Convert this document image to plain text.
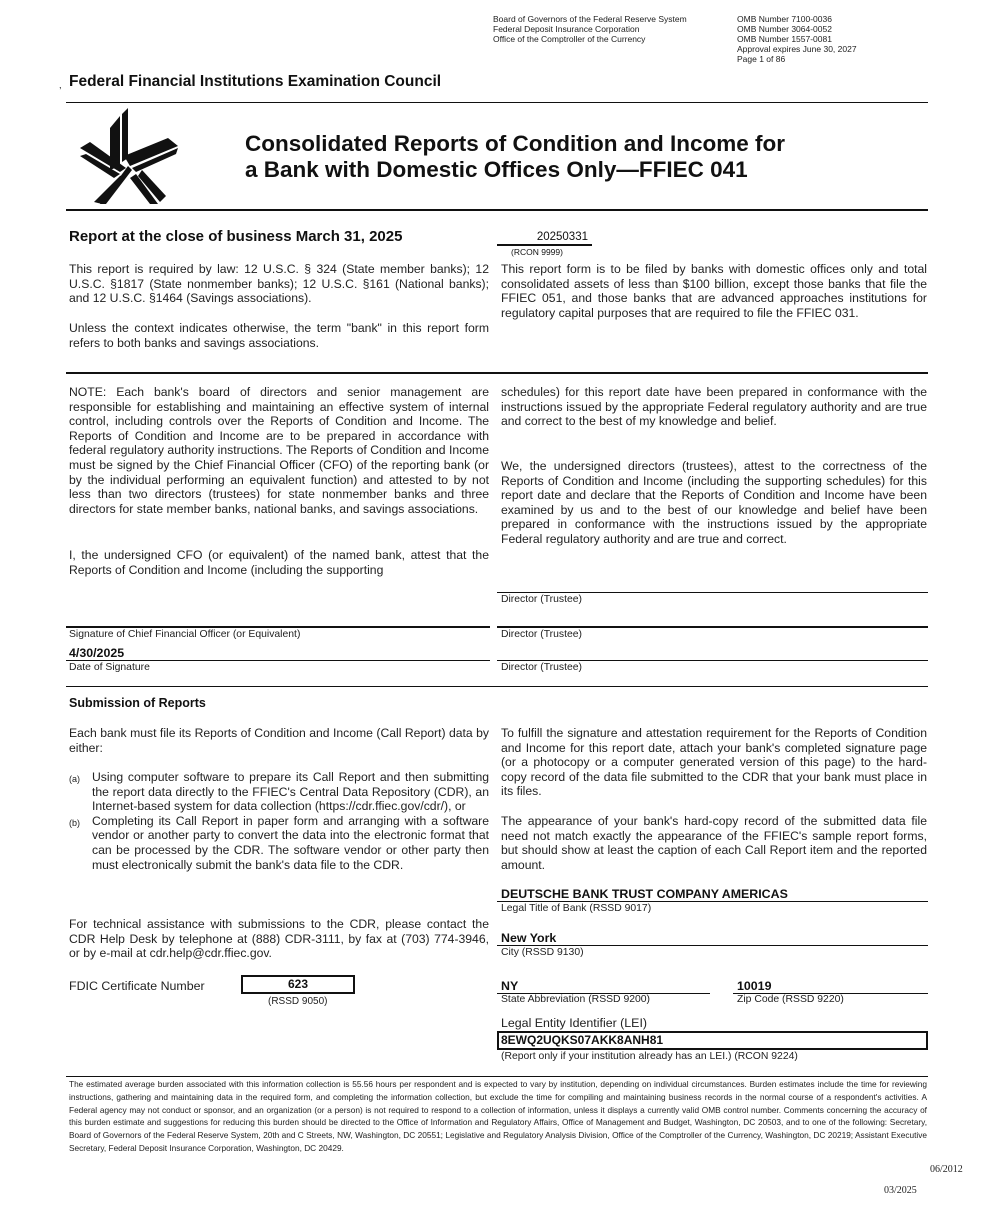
Board of Governors of the Federal Reserve System
Federal Deposit Insurance Corporation
Office of the Comptroller of the Currency
OMB Number 7100-0036
OMB Number 3064-0052
OMB Number 1557-0081
Approval expires June 30, 2027
Page 1 of 86
, Federal Financial Institutions Examination Council
Consolidated Reports of Condition and Income for
a Bank with Domestic Offices Only—FFIEC 041
Report at the close of business March 31, 2025	20250331
(RCON 9999)
This report is required by law: 12 U.S.C. § 324 (State member banks); 12 U.S.C. §1817 (State nonmember banks); 12 U.S.C. §161 (National banks); and 12 U.S.C. §1464 (Savings associations).
Unless the context indicates otherwise, the term "bank" in this report form refers to both banks and savings associations.
This report form is to be filed by banks with domestic offices only and total consolidated assets of less than $100 billion, except those banks that file the FFIEC 051, and those banks that are advanced approaches institutions for regulatory capital purposes that are required to file the FFIEC 031.
NOTE: Each bank's board of directors and senior management are responsible for establishing and maintaining an effective system of internal control, including controls over the Reports of Condition and Income. The Reports of Condition and Income are to be prepared in accordance with federal regulatory authority instructions. The Reports of Condition and Income must be signed by the Chief Financial Officer (CFO) of the reporting bank (or by the individual performing an equivalent function) and attested to by not less than two directors (trustees) for state nonmember banks and three directors for state member banks, national banks, and savings associations.
I, the undersigned CFO (or equivalent) of the named bank, attest that the Reports of Condition and Income (including the supporting
schedules) for this report date have been prepared in conformance with the instructions issued by the appropriate Federal regulatory authority and are true and correct to the best of my knowledge and belief.
We, the undersigned directors (trustees), attest to the correctness of the Reports of Condition and Income (including the supporting schedules) for this report date and declare that the Reports of Condition and Income have been examined by us and to the best of our knowledge and belief have been prepared in conformance with the instructions issued by the appropriate Federal regulatory authority and are true and correct.
Director (Trustee)
Signature of Chief Financial Officer (or Equivalent)	Director (Trustee)
4/30/2025
Date of Signature	Director (Trustee)
Submission of Reports
Each bank must file its Reports of Condition and Income (Call Report) data by either:
(a) Using computer software to prepare its Call Report and then submitting the report data directly to the FFIEC's Central Data Repository (CDR), an Internet-based system for data collection (https://cdr.ffiec.gov/cdr/), or
(b) Completing its Call Report in paper form and arranging with a software vendor or another party to convert the data into the electronic format that can be processed by the CDR. The software vendor or other party then must electronically submit the bank's data file to the CDR.
For technical assistance with submissions to the CDR, please contact the CDR Help Desk by telephone at (888) CDR-3111, by fax at (703) 774-3946, or by e-mail at cdr.help@cdr.ffiec.gov.
FDIC Certificate Number	623
(RSSD 9050)
To fulfill the signature and attestation requirement for the Reports of Condition and Income for this report date, attach your bank's completed signature page (or a photocopy or a computer generated version of this page) to the hard-copy record of the data file submitted to the CDR that your bank must place in its files.
The appearance of your bank's hard-copy record of the submitted data file need not match exactly the appearance of the FFIEC's sample report forms, but should show at least the caption of each Call Report item and the reported amount.
DEUTSCHE BANK TRUST COMPANY AMERICAS
Legal Title of Bank (RSSD 9017)
New York
City (RSSD 9130)
NY
State Abbreviation (RSSD 9200)
10019
Zip Code (RSSD 9220)
Legal Entity Identifier (LEI)
8EWQ2UQKS07AKK8ANH81
(Report only if your institution already has an LEI.) (RCON 9224)
The estimated average burden associated with this information collection is 55.56 hours per respondent and is expected to vary by institution, depending on individual circumstances. Burden estimates include the time for reviewing instructions, gathering and maintaining data in the required form, and completing the information collection, but exclude the time for compiling and maintaining business records in the normal course of a respondent's activities. A Federal agency may not conduct or sponsor, and an organization (or a person) is not required to respond to a collection of information, unless it displays a currently valid OMB control number. Comments concerning the accuracy of this burden estimate and suggestions for reducing this burden should be directed to the Office of Information and Regulatory Affairs, Office of Management and Budget, Washington, DC 20503, and to one of the following: Secretary, Board of Governors of the Federal Reserve System, 20th and C Streets, NW, Washington, DC 20551; Legislative and Regulatory Analysis Division, Office of the Comptroller of the Currency, Washington, DC 20219; Assistant Executive Secretary, Federal Deposit Insurance Corporation, Washington, DC 20429.
06/2012
03/2025
